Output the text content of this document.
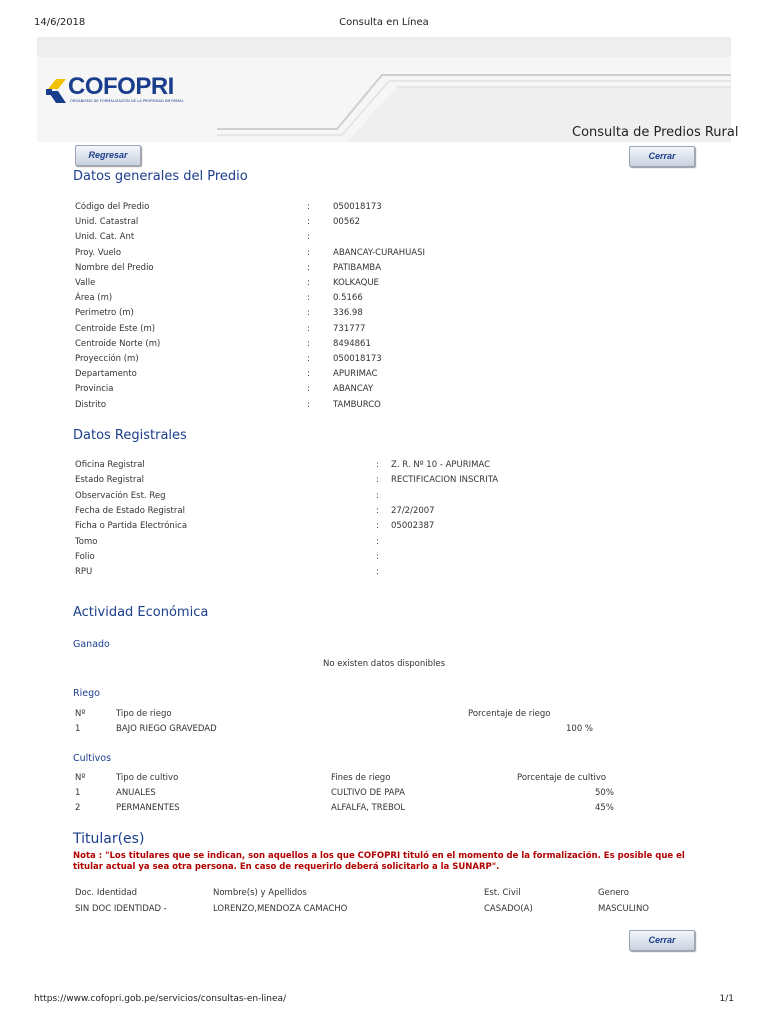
14/6/2018	Consulta en Línea
https://www.cofopri.gob.pe/servicios/consultas-en-linea/	1/1
COFOPRI
ORGANISMO DE FORMALIZACIÓN DE LA PROPIEDAD INFORMAL
Consulta de Predios Rural
Regresar	Cerrar
Datos generales del Predio
Código del Predio	:	050018173
Unid. Catastral	:	00562
Unid. Cat. Ant	:
Proy. Vuelo	:	ABANCAY-CURAHUASI
Nombre del Predio	:	PATIBAMBA
Valle	:	KOLKAQUE
Área (m)	:	0.5166
Perimetro (m)	:	336.98
Centroide Este (m)	:	731777
Centroide Norte (m)	:	8494861
Proyección (m)	:	050018173
Departamento	:	APURIMAC
Provincia	:	ABANCAY
Distrito	:	TAMBURCO
Datos Registrales
Oficina Registral	: Z. R. Nº 10 - APURIMAC
Estado Registral	: RECTIFICACION INSCRITA
Observación Est. Reg	:
Fecha de Estado Registral	: 27/2/2007
Ficha o Partida Electrónica	: 05002387
Tomo	:
Folio	:
RPU	:
Actividad Económica
Ganado
No existen datos disponibles
Riego
Nº	Tipo de riego	Porcentaje de riego
1	BAJO RIEGO GRAVEDAD	100 %
Cultivos
Nº	Tipo de cultivo	Fines de riego	Porcentaje de cultivo
1	ANUALES	CULTIVO DE PAPA	50%
2	PERMANENTES	ALFALFA, TREBOL	45%
Titular(es)
Nota : "Los titulares que se indican, son aquellos a los que COFOPRI tituló en el momento de la formalización. Es posible que el titular actual ya sea otra persona. En caso de requerirlo deberá solicitarlo a la SUNARP".
Doc. Identidad	Nombre(s) y Apellidos	Est. Civil	Genero
SIN DOC IDENTIDAD -	LORENZO,MENDOZA CAMACHO	CASADO(A)	MASCULINO
Cerrar
